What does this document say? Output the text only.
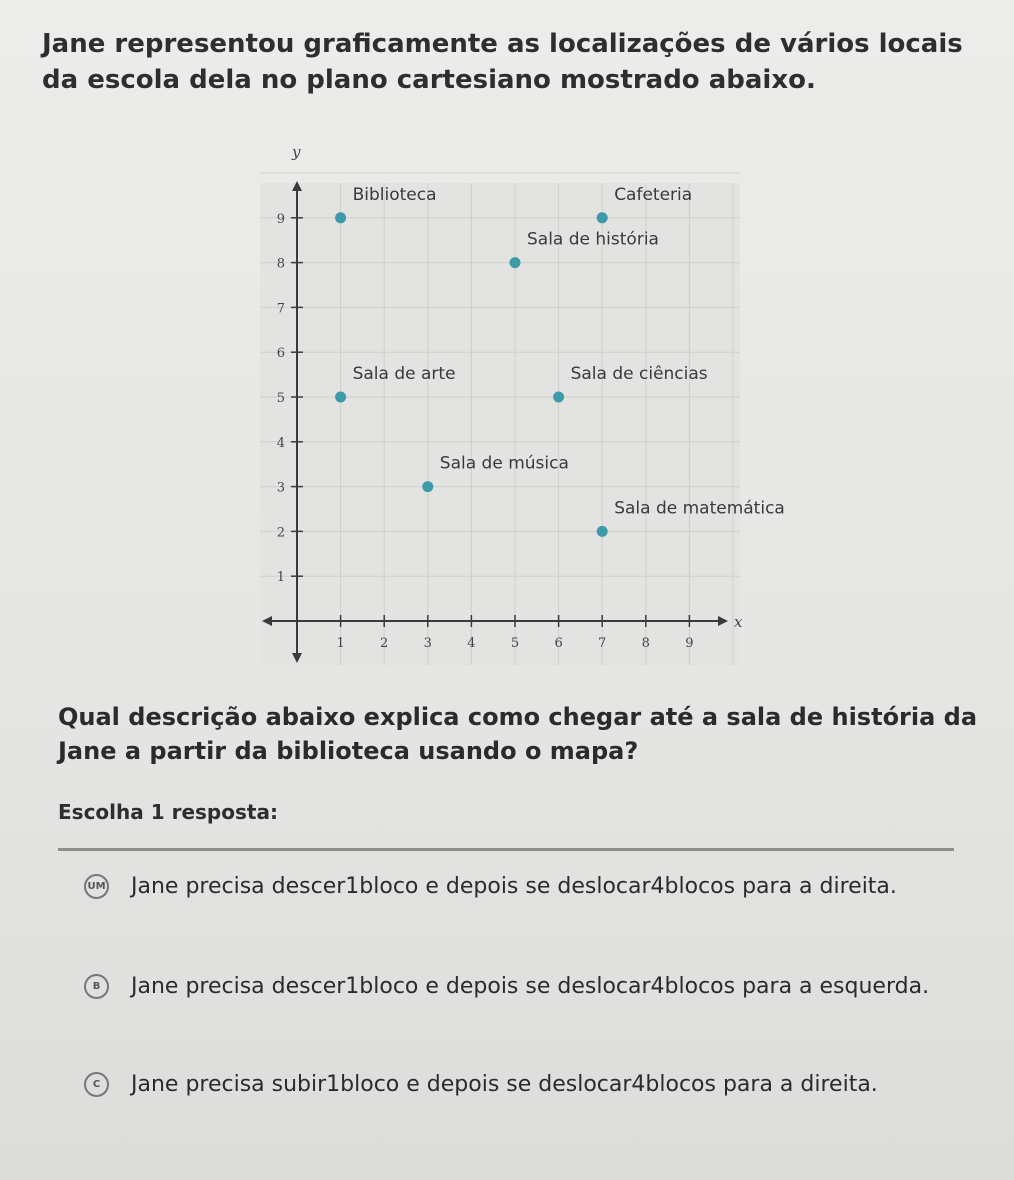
Jane representou graficamente as localizações de vários locais da escola dela no plano cartesiano mostrado abaixo.

x
y
1	2	3	4	5	6	7	8	9
1
2
3
4
5
6
7
8
9
Biblioteca	Cafeteria
Sala de história
Sala de arte	Sala de ciências
Sala de música
Sala de matemática

Qual descrição abaixo explica como chegar até a sala de história da Jane a partir da biblioteca usando o mapa?

Escolha 1 resposta:

UM Jane precisa descer1bloco e depois se deslocar4blocos para a direita.
B	Jane precisa descer1bloco e depois se deslocar4blocos para a esquerda.
C	Jane precisa subir1bloco e depois se deslocar4blocos para a direita.
